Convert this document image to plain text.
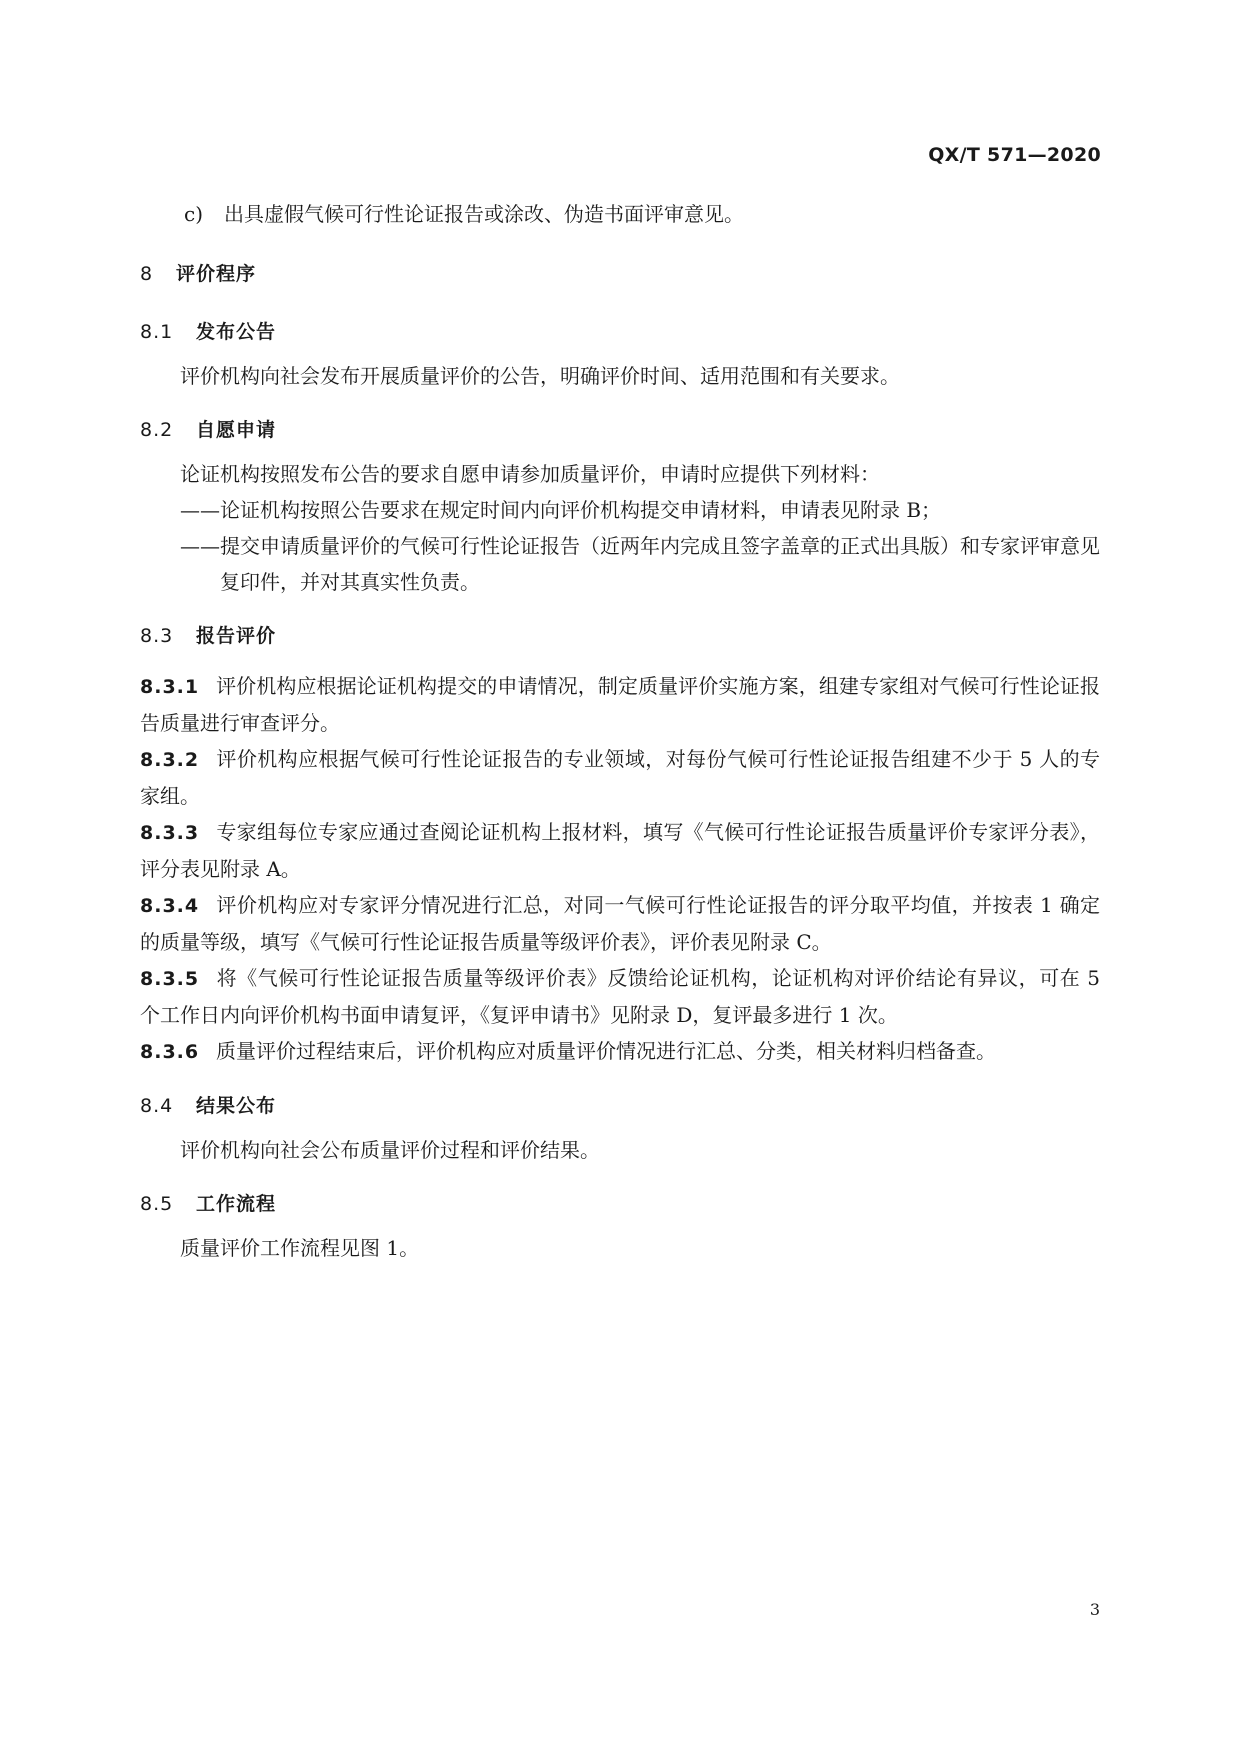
QX/T 571—2020

c) 出具虚假气候可行性论证报告或涂改、伪造书面评审意见。

8 评价程序
8.1 发布公告
评价机构向社会发布开展质量评价的公告，明确评价时间、适用范围和有关要求。
8.2 自愿申请
论证机构按照发布公告的要求自愿申请参加质量评价，申请时应提供下列材料：
——论证机构按照公告要求在规定时间内向评价机构提交申请材料，申请表见附录 B；
——提交申请质量评价的气候可行性论证报告（近两年内完成且签字盖章的正式出具版）和专家评审意见复印件，并对其真实性负责。
8.3 报告评价
8.3.1 评价机构应根据论证机构提交的申请情况，制定质量评价实施方案，组建专家组对气候可行性论证报告质量进行审查评分。
8.3.2 评价机构应根据气候可行性论证报告的专业领域，对每份气候可行性论证报告组建不少于 5 人的专家组。
8.3.3 专家组每位专家应通过查阅论证机构上报材料，填写《气候可行性论证报告质量评价专家评分表》，评分表见附录 A。
8.3.4 评价机构应对专家评分情况进行汇总，对同一气候可行性论证报告的评分取平均值，并按表 1 确定的质量等级，填写《气候可行性论证报告质量等级评价表》，评价表见附录 C。
8.3.5 将《气候可行性论证报告质量等级评价表》反馈给论证机构，论证机构对评价结论有异议，可在 5 个工作日内向评价机构书面申请复评，《复评申请书》见附录 D，复评最多进行 1 次。
8.3.6 质量评价过程结束后，评价机构应对质量评价情况进行汇总、分类，相关材料归档备查。
8.4 结果公布
评价机构向社会公布质量评价过程和评价结果。
8.5 工作流程
质量评价工作流程见图 1。
3
